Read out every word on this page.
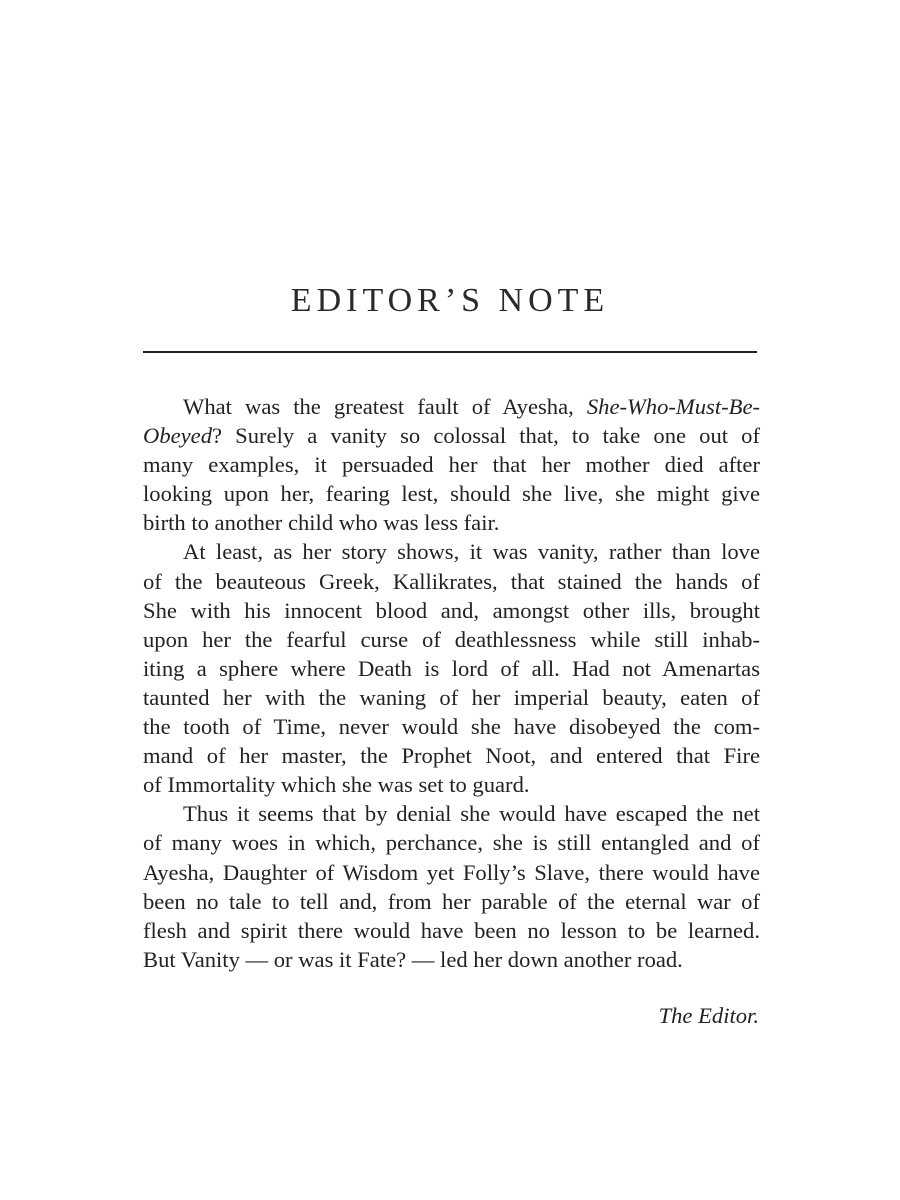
EDITOR’S NOTE

What was the greatest fault of Ayesha, She-Who-Must-Be-
Obeyed? Surely a vanity so colossal that, to take one out of
many examples, it persuaded her that her mother died after
looking upon her, fearing lest, should she live, she might give
birth to another child who was less fair.

At least, as her story shows, it was vanity, rather than love
of the beauteous Greek, Kallikrates, that stained the hands of
She with his innocent blood and, amongst other ills, brought
upon her the fearful curse of deathlessness while still inhab-
iting a sphere where Death is lord of all. Had not Amenartas
taunted her with the waning of her imperial beauty, eaten of
the tooth of Time, never would she have disobeyed the com-
mand of her master, the Prophet Noot, and entered that Fire
of Immortality which she was set to guard.

Thus it seems that by denial she would have escaped the net
of many woes in which, perchance, she is still entangled and of
Ayesha, Daughter of Wisdom yet Folly’s Slave, there would have
been no tale to tell and, from her parable of the eternal war of
flesh and spirit there would have been no lesson to be learned.
But Vanity — or was it Fate? — led her down another road.

The Editor.
